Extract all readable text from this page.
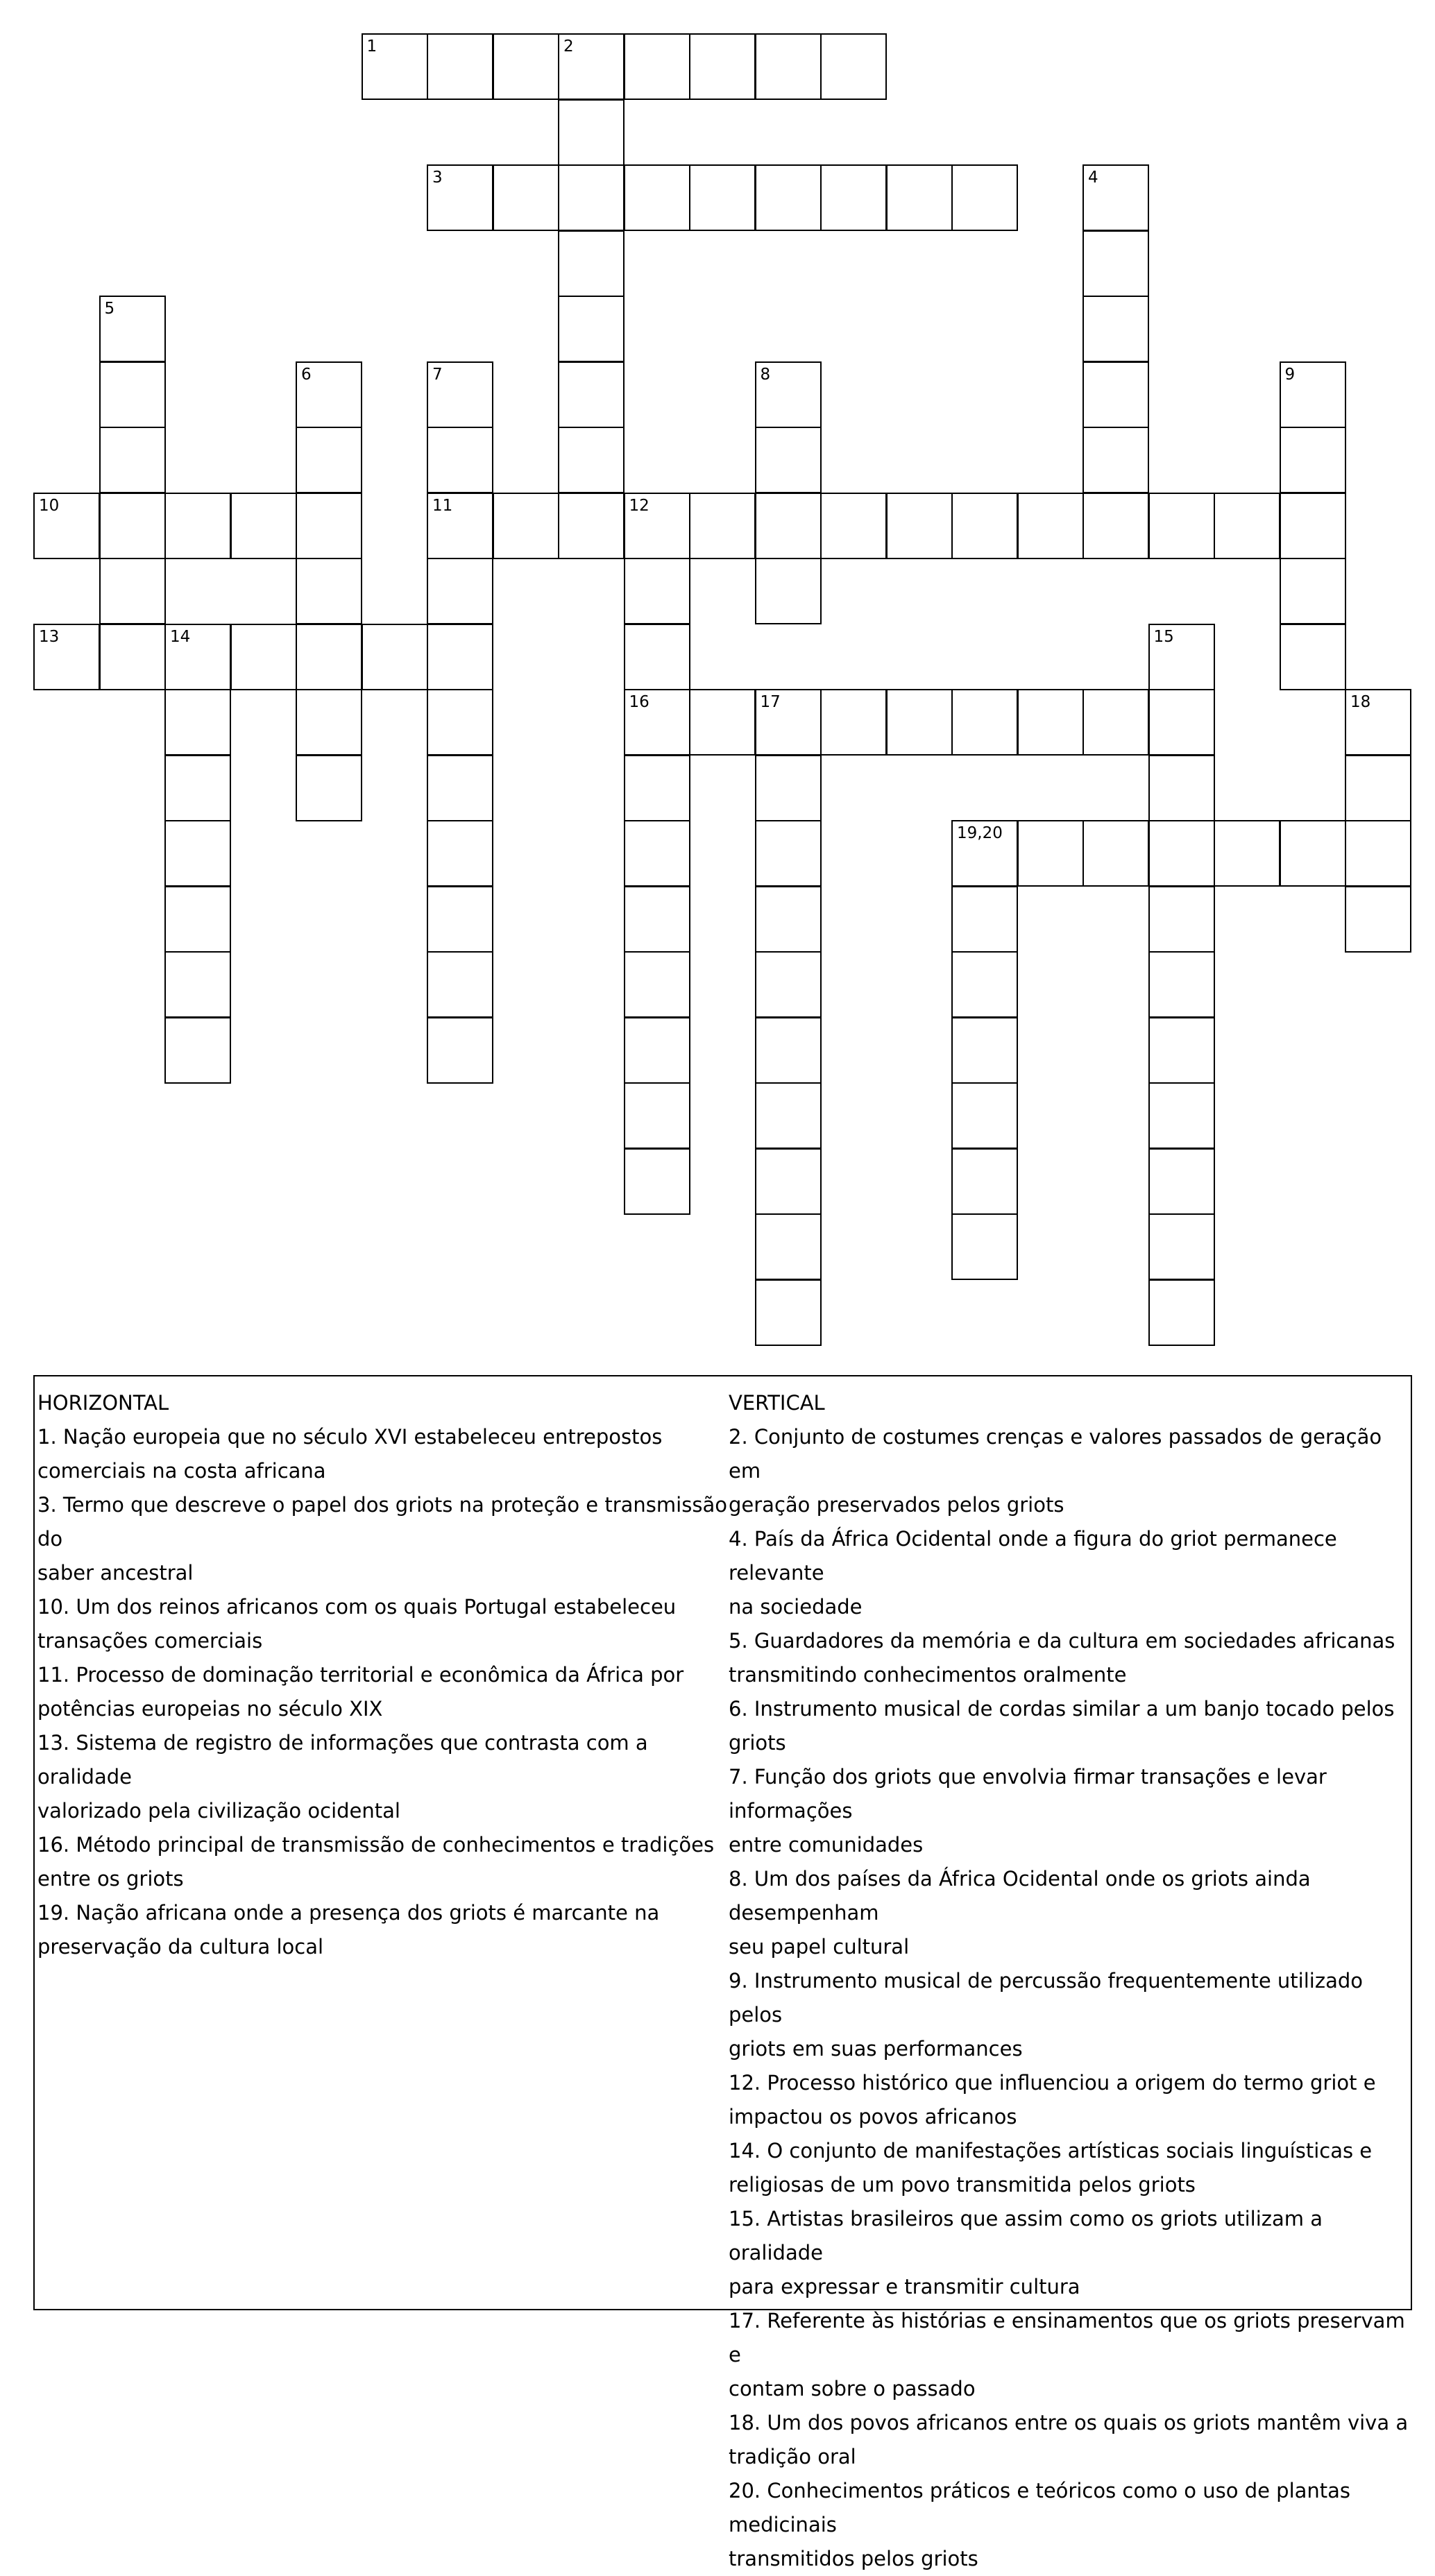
1	2
3	4
5
6	7	8	9
10	11	12
13	14	15
16	17	18
19,20
HORIZONTAL
1. Nação europeia que no século XVI estabeleceu entrepostos
comerciais na costa africana
3. Termo que descreve o papel dos griots na proteção e transmissão do
saber ancestral
10. Um dos reinos africanos com os quais Portugal estabeleceu
transações comerciais
11. Processo de dominação territorial e econômica da África por
potências europeias no século XIX
13. Sistema de registro de informações que contrasta com a oralidade
valorizado pela civilização ocidental
16. Método principal de transmissão de conhecimentos e tradições
entre os griots
19. Nação africana onde a presença dos griots é marcante na
preservação da cultura local
VERTICAL
2. Conjunto de costumes crenças e valores passados de geração em
geração preservados pelos griots
4. País da África Ocidental onde a figura do griot permanece relevante
na sociedade
5. Guardadores da memória e da cultura em sociedades africanas
transmitindo conhecimentos oralmente
6. Instrumento musical de cordas similar a um banjo tocado pelos griots
7. Função dos griots que envolvia firmar transações e levar informações
entre comunidades
8. Um dos países da África Ocidental onde os griots ainda desempenham
seu papel cultural
9. Instrumento musical de percussão frequentemente utilizado pelos
griots em suas performances
12. Processo histórico que influenciou a origem do termo griot e
impactou os povos africanos
14. O conjunto de manifestações artísticas sociais linguísticas e
religiosas de um povo transmitida pelos griots
15. Artistas brasileiros que assim como os griots utilizam a oralidade
para expressar e transmitir cultura
17. Referente às histórias e ensinamentos que os griots preservam e
contam sobre o passado
18. Um dos povos africanos entre os quais os griots mantêm viva a
tradição oral
20. Conhecimentos práticos e teóricos como o uso de plantas medicinais
transmitidos pelos griots
